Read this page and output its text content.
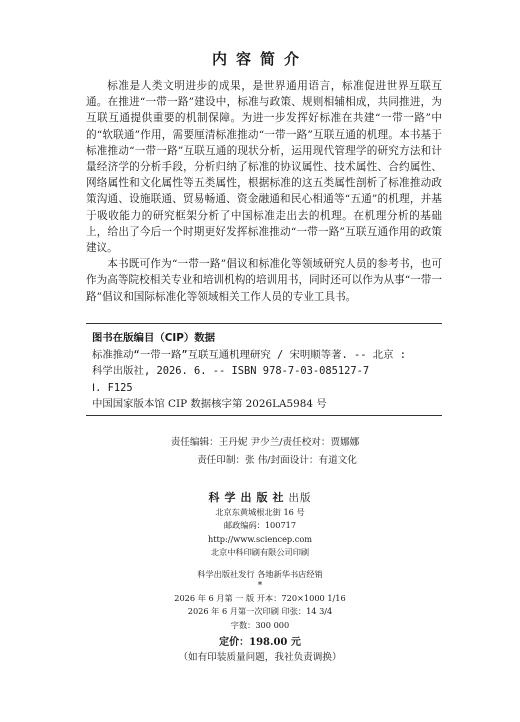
内容简介

标准是人类文明进步的成果，是世界通用语言，标准促进世界互联互通。在推进“一带一路”建设中，标准与政策、规则相辅相成，共同推进，为互联互通提供重要的机制保障。为进一步发挥好标准在共建“一带一路”中的“软联通”作用，需要厘清标准推动“一带一路”互联互通的机理。本书基于标准推动“一带一路”互联互通的现状分析，运用现代管理学的研究方法和计量经济学的分析手段，分析归纳了标准的协议属性、技术属性、合约属性、网络属性和文化属性等五类属性，根据标准的这五类属性剖析了标准推动政策沟通、设施联通、贸易畅通、资金融通和民心相通等“五通”的机理，并基于吸收能力的研究框架分析了中国标准走出去的机理。在机理分析的基础上，给出了今后一个时期更好发挥标准推动“一带一路”互联互通作用的政策建议。

本书既可作为“一带一路”倡议和标准化等领域研究人员的参考书，也可作为高等院校相关专业和培训机构的培训用书，同时还可以作为从事“一带一路”倡议和国际标准化等领域相关工作人员的专业工具书。

图书在版编目（CIP）数据
标准推动“一带一路”互联互通机理研究 / 宋明顺等著. -- 北京 :
科学出版社, 2026. 6. -- ISBN 978-7-03-085127-7
Ⅰ. F125
中国国家版本馆 CIP 数据核字第 2026LA5984 号
责任编辑：王丹妮 尹少兰/责任校对：贾娜娜
责任印制：张 伟/封面设计：有道文化
科学出版社出版
北京东黄城根北街 16 号
邮政编码：100717
http://www.sciencep.com
北京中科印刷有限公司印刷
科学出版社发行 各地新华书店经销
*
2026 年 6 月第 一 版 开本：720×1000 1/16
2026 年 6 月第一次印刷 印张：14 3/4
字数：300 000
定价：198.00 元
（如有印装质量问题，我社负责调换）
